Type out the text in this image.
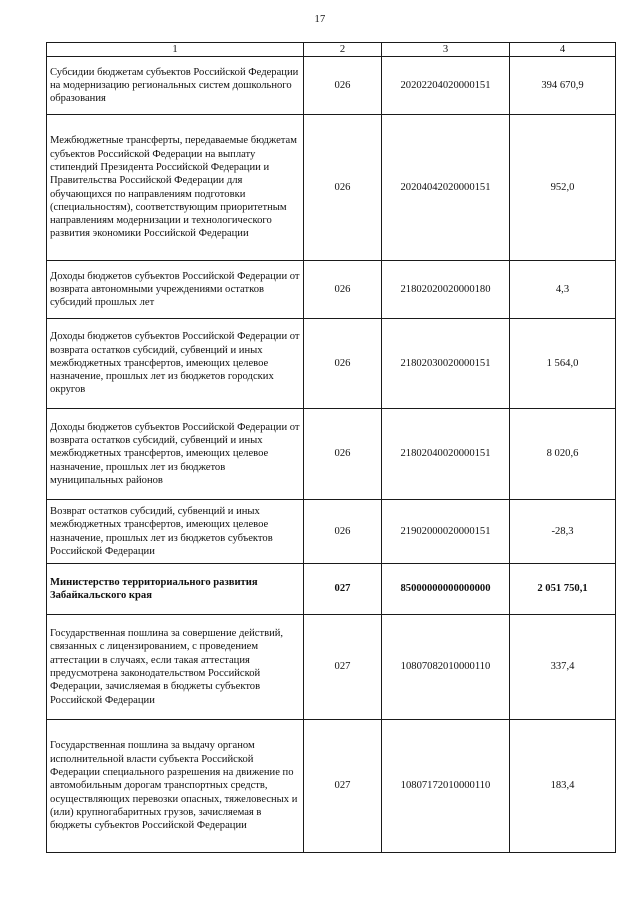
17
1	2	3	4
Субсидии бюджетам субъектов Российской Федерации на модернизацию региональных систем дошкольного образования	026	20202204020000151	394 670,9
Межбюджетные трансферты, передаваемые бюджетам субъектов Российской Федерации на выплату стипендий Президента Российской Федерации и Правительства Российской Федерации для обучающихся по направлениям подготовки (специальностям), соответствующим приоритетным направлениям модернизации и технологического развития экономики Российской Федерации	026	20204042020000151	952,0
Доходы бюджетов субъектов Российской Федерации от возврата автономными учреждениями остатков субсидий прошлых лет	026	21802020020000180	4,3
Доходы бюджетов субъектов Российской Федерации от возврата остатков субсидий, субвенций и иных межбюджетных трансфертов, имеющих целевое назначение, прошлых лет из бюджетов городских округов	026	21802030020000151	1 564,0
Доходы бюджетов субъектов Российской Федерации от возврата остатков субсидий, субвенций и иных межбюджетных трансфертов, имеющих целевое назначение, прошлых лет из бюджетов муниципальных районов	026	21802040020000151	8 020,6
Возврат остатков субсидий, субвенций и иных межбюджетных трансфертов, имеющих целевое назначение, прошлых лет из бюджетов субъектов Российской Федерации	026	21902000020000151	-28,3
Министерство территориального развития Забайкальского края	027	85000000000000000	2 051 750,1
Государственная пошлина за совершение действий, связанных с лицензированием, с проведением аттестации в случаях, если такая аттестация предусмотрена законодательством Российской Федерации, зачисляемая в бюджеты субъектов Российской Федерации	027	10807082010000110	337,4
Государственная пошлина за выдачу органом исполнительной власти субъекта Российской Федерации специального разрешения на движение по автомобильным дорогам транспортных средств, осуществляющих перевозки опасных, тяжеловесных и (или) крупногабаритных грузов, зачисляемая в бюджеты субъектов Российской Федерации	027	10807172010000110	183,4
